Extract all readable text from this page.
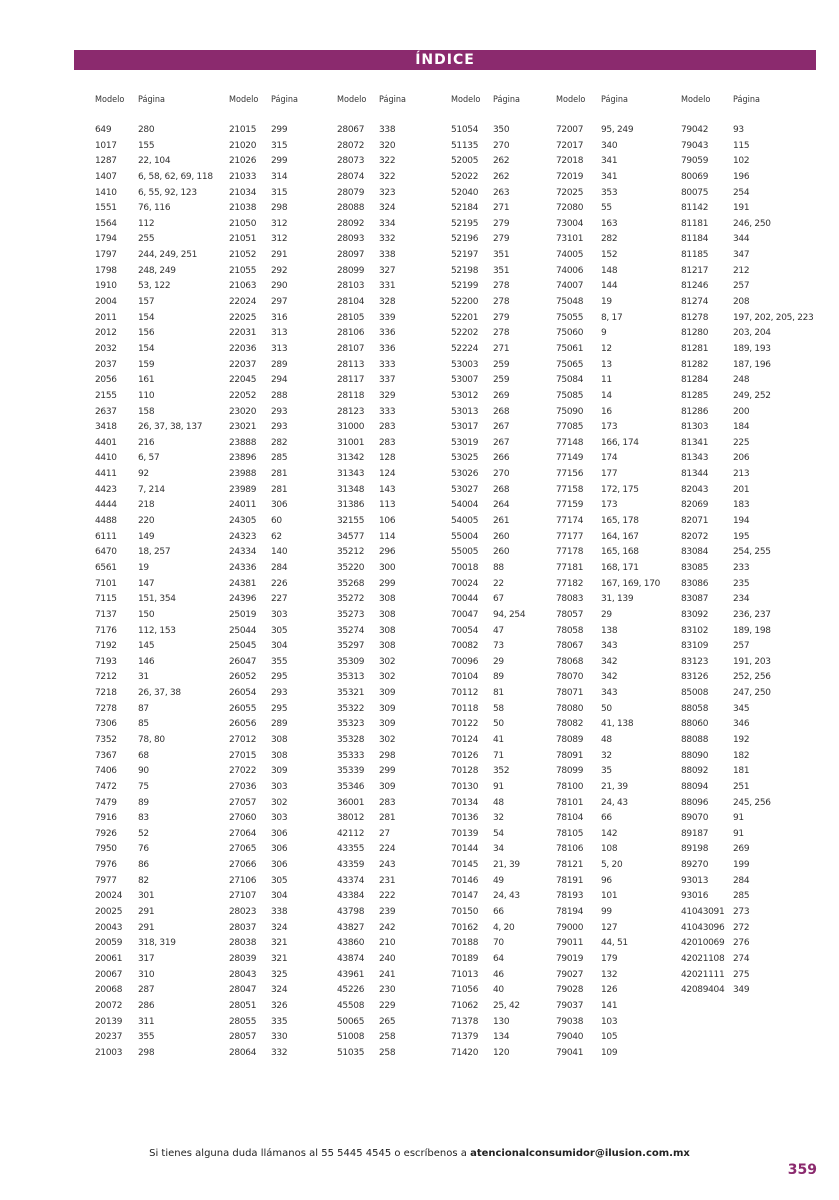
ÍNDICE
Modelo Página
649	280
1017 155
1287 22, 104
1407 6, 58, 62, 69, 118
1410 6, 55, 92, 123
1551 76, 116
1564 112
1794 255
1797 244, 249, 251
1798 248, 249
1910 53, 122
2004 157
2011 154
2012 156
2032 154
2037 159
2056 161
2155 110
2637 158
3418 26, 37, 38, 137
4401 216
4410 6, 57
4411 92
4423 7, 214
4444 218
4488 220
6111 149
6470 18, 257
6561 19
7101 147
7115 151, 354
7137 150
7176 112, 153
7192 145
7193 146
7212 31
7218 26, 37, 38
7278 87
7306 85
7352 78, 80
7367 68
7406 90
7472 75
7479 89
7916 83
7926 52
7950 76
7976 86
7977 82
20024 301
20025 291
20043 291
20059 318, 319
20061 317
20067 310
20068 287
20072 286
20139 311
20237 355
21003 298
Modelo Página
21015 299
21020 315
21026 299
21033 314
21034 315
21038 298
21050 312
21051 312
21052 291
21055 292
21063 290
22024 297
22025 316
22031 313
22036 313
22037 289
22045 294
22052 288
23020 293
23021 293
23888 282
23896 285
23988 281
23989 281
24011 306
24305 60
24323 62
24334 140
24336 284
24381 226
24396 227
25019 303
25044 305
25045 304
26047 355
26052 295
26054 293
26055 295
26056 289
27012 308
27015 308
27022 309
27036 303
27057 302
27060 303
27064 306
27065 306
27066 306
27106 305
27107 304
28023 338
28037 324
28038 321
28039 321
28043 325
28047 324
28051 326
28055 335
28057 330
28064 332
Modelo Página
28067 338
28072 320
28073 322
28074 322
28079 323
28088 324
28092 334
28093 332
28097 338
28099 327
28103 331
28104 328
28105 339
28106 336
28107 336
28113 333
28117 337
28118 329
28123 333
31000 283
31001 283
31342 128
31343 124
31348 143
31386 113
32155 106
34577 114
35212 296
35220 300
35268 299
35272 308
35273 308
35274 308
35297 308
35309 302
35313 302
35321 309
35322 309
35323 309
35328 302
35333 298
35339 299
35346 309
36001 283
38012 281
42112 27
43355 224
43359 243
43374 231
43384 222
43798 239
43827 242
43860 210
43874 240
43961 241
45226 230
45508 229
50065 265
51008 258
51035 258
Modelo Página
51054 350
51135 270
52005 262
52022 262
52040 263
52184 271
52195 279
52196 279
52197 351
52198 351
52199 278
52200 278
52201 279
52202 278
52224 271
53003 259
53007 259
53012 269
53013 268
53017 267
53019 267
53025 266
53026 270
53027 268
54004 264
54005 261
55004 260
55005 260
70018 88
70024 22
70044 67
70047 94, 254
70054 47
70082 73
70096 29
70104 89
70112 81
70118 58
70122 50
70124 41
70126 71
70128 352
70130 91
70134 48
70136 32
70139 54
70144 34
70145 21, 39
70146 49
70147 24, 43
70150 66
70162 4, 20
70188 70
70189 64
71013 46
71056 40
71062 25, 42
71378 130
71379 134
71420 120
Modelo Página
72007 95, 249
72017 340
72018 341
72019 341
72025 353
72080 55
73004 163
73101 282
74005 152
74006 148
74007 144
75048 19
75055 8, 17
75060 9
75061 12
75065 13
75084 11
75085 14
75090 16
77085 173
77148 166, 174
77149 174
77156 177
77158 172, 175
77159 173
77174 165, 178
77177 164, 167
77178 165, 168
77181 168, 171
77182 167, 169, 170
78083 31, 139
78057 29
78058 138
78067 343
78068 342
78070 342
78071 343
78080 50
78082 41, 138
78089 48
78091 32
78099 35
78100 21, 39
78101 24, 43
78104 66
78105 142
78106 108
78121 5, 20
78191 96
78193 101
78194 99
79000 127
79011 44, 51
79019 179
79027 132
79028 126
79037 141
79038 103
79040 105
79041 109
Modelo	Página
79042	93
79043	115
79059	102
80069	196
80075	254
81142	191
81181	246, 250
81184	344
81185	347
81217	212
81246	257
81274	208
81278	197, 202, 205, 223
81280	203, 204
81281	189, 193
81282	187, 196
81284	248
81285	249, 252
81286	200
81303	184
81341	225
81343	206
81344	213
82043	201
82069	183
82071	194
82072	195
83084	254, 255
83085	233
83086	235
83087	234
83092	236, 237
83102	189, 198
83109	257
83123	191, 203
83126	252, 256
85008	247, 250
88058	345
88060	346
88088	192
88090	182
88092	181
88094	251
88096	245, 256
89070	91
89187	91
89198	269
89270	199
93013	284
93016	285
41043091 273
41043096 272
42010069 276
42021108 274
42021111 275
42089404 349
Si tienes alguna duda llámanos al 55 5445 4545 o escríbenos a atencionalconsumidor@ilusion.com.mx
359
